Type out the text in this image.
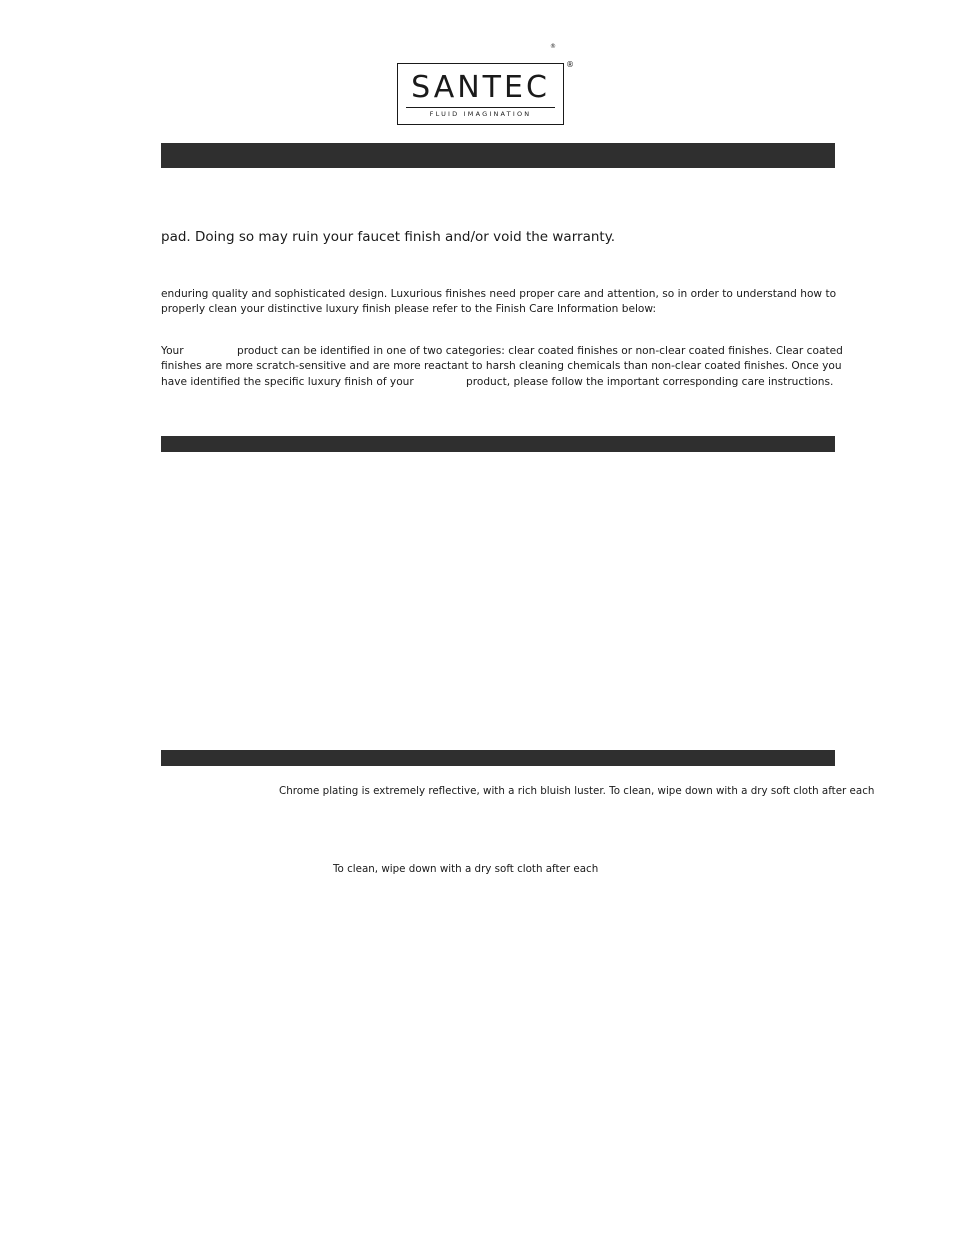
®
SANTEC
FLUID IMAGINATION
®
pad. Doing so may ruin your faucet finish and/or void the warranty.
enduring quality and sophisticated design. Luxurious finishes need proper care and attention, so in order to understand how to
properly clean your distinctive luxury finish please refer to the Finish Care Information below:
Your	product can be identified in one of two categories: clear coated finishes or non-clear coated finishes. Clear coated
finishes are more scratch-sensitive and are more reactant to harsh cleaning chemicals than non-clear coated finishes. Once you
have identified the specific luxury finish of your	product, please follow the important corresponding care instructions.
Chrome plating is extremely reflective, with a rich bluish luster. To clean, wipe down with a dry soft cloth after each
To clean, wipe down with a dry soft cloth after each
